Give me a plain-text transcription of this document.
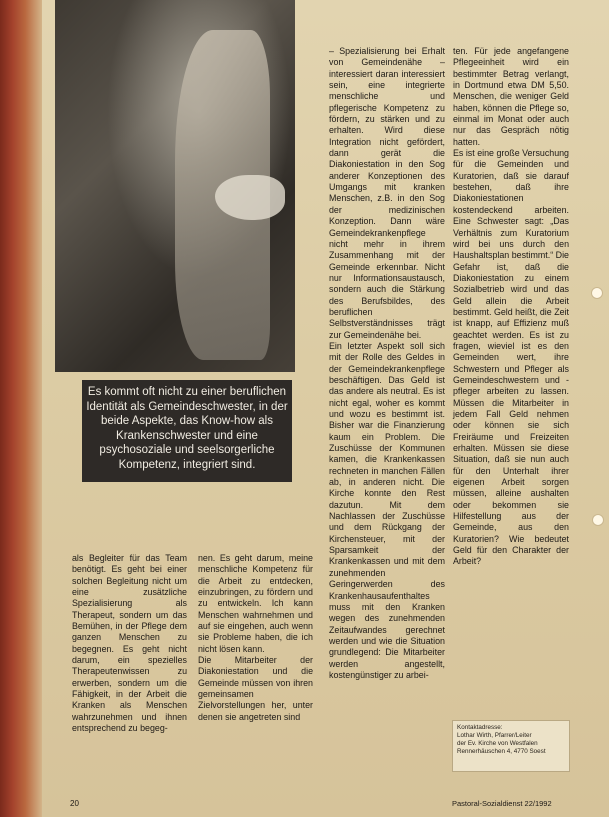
Es kommt oft nicht zu einer beruflichen Identität als Gemeindeschwester, in der beide Aspekte, das Know-how als Krankenschwester und eine psychosoziale und seelsorgerliche Kompetenz, integriert sind.
als Begleiter für das Team benötigt. Es geht bei einer solchen Begleitung nicht um eine zusätzliche Spezialisierung als Therapeut, sondern um das Bemühen, in der Pflege dem ganzen Menschen zu begegnen. Es geht nicht darum, ein spezielles Therapeutenwissen zu erwerben, sondern um die Fähigkeit, in der Arbeit die Kranken als Menschen wahrzunehmen und ihnen entsprechend zu begeg-
nen. Es geht darum, meine menschliche Kompetenz für die Arbeit zu entdecken, einzubringen, zu fördern und zu entwickeln. Ich kann Menschen wahrnehmen und auf sie eingehen, auch wenn sie Probleme haben, die ich nicht lösen kann.
Die Mitarbeiter der Diakoniestation und die Gemeinde müssen von ihren gemeinsamen Zielvorstellungen her, unter denen sie angetreten sind
– Spezialisierung bei Erhalt von Gemeindenähe – interessiert daran interessiert sein, eine integrierte menschliche und pflegerische Kompetenz zu fördern, zu stärken und zu erhalten. Wird diese Integration nicht gefördert, dann gerät die Diakoniestation in den Sog anderer Konzeptionen des Umgangs mit kranken Menschen, z.B. in den Sog der medizinischen Konzeption. Dann wäre Gemeindekrankenpflege nicht mehr in ihrem Zusammenhang mit der Gemeinde erkennbar. Nicht nur Informationsaustausch, sondern auch die Stärkung des Berufsbildes, des beruflichen Selbstverständnisses trägt zur Gemeindenähe bei.
Ein letzter Aspekt soll sich mit der Rolle des Geldes in der Gemeindekrankenpflege beschäftigen. Das Geld ist das andere als neutral. Es ist nicht egal, woher es kommt und wozu es bestimmt ist. Bisher war die Finanzierung kaum ein Problem. Die Zuschüsse der Kommunen kamen, die Krankenkassen rechneten in manchen Fällen ab, in anderen nicht. Die Kirche konnte den Rest dazutun. Mit dem Nachlassen der Zuschüsse und dem Rückgang der Kirchensteuer, mit der Sparsamkeit der Krankenkassen und mit dem zunehmenden Geringerwerden des Krankenhausaufenthaltes muss mit den Kranken wegen des zunehmenden Zeitaufwandes gerechnet werden und wie die Situation grundlegend: Die Mitarbeiter werden angestellt, kostengünstiger zu arbei-
ten. Für jede angefangene Pflegeeinheit wird ein bestimmter Betrag verlangt, in Dortmund etwa DM 5,50. Menschen, die weniger Geld haben, können die Pflege so, einmal im Monat oder auch nur das Gespräch nötig hatten.
Es ist eine große Versuchung für die Gemeinden und Kuratorien, daß sie darauf bestehen, daß ihre Diakoniestationen kostendeckend arbeiten. Eine Schwester sagt: „Das Verhältnis zum Kuratorium wird bei uns durch den Haushaltsplan bestimmt.“ Die Gefahr ist, daß die Diakoniestation zu einem Sozialbetrieb wird und das Geld allein die Arbeit bestimmt. Geld heißt, die Zeit ist knapp, auf Effizienz muß geachtet werden. Es ist zu fragen, wieviel ist es den Gemeinden wert, ihre Schwestern und Pfleger als Gemeindeschwestern und -pfleger arbeiten zu lassen. Müssen die Mitarbeiter in jedem Fall Geld nehmen oder können sie sich Freiräume und Freizeiten erhalten. Müssen sie diese Situation, daß sie nun auch für den Unterhalt ihrer eigenen Arbeit sorgen müssen, alleine aushalten oder bekommen sie Hilfestellung aus der Gemeinde, aus den Kuratorien? Wie bedeutet Geld für den Charakter der Arbeit?
Kontaktadresse:
Lothar Wirth, Pfarrer/Leiter
der Ev. Kirche von Westfalen
Rennerhäuschen 4, 4770 Soest
20	Pastoral-Sozialdienst 22/1992
